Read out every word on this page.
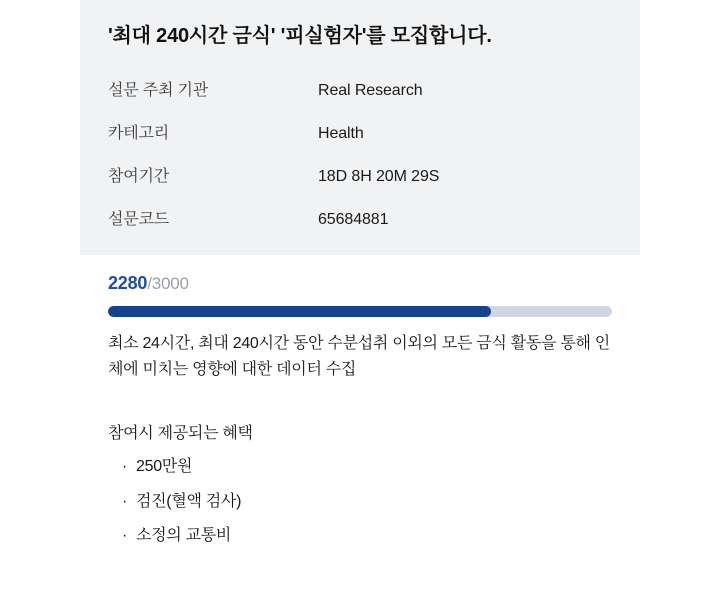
'최대 240시간 금식' '피실험자'를 모집합니다.
설문 주최 기관	Real Research
카테고리	Health
참여기간	18D 8H 20M 29S
설문코드	65684881
2280/3000
최소 24시간, 최대 240시간 동안 수분섭취 이외의 모든 금식 활동을 통해 인체에 미치는 영향에 대한 데이터 수집
참여시 제공되는 혜택
· 250만원
· 검진(혈액 검사)
· 소정의 교통비
